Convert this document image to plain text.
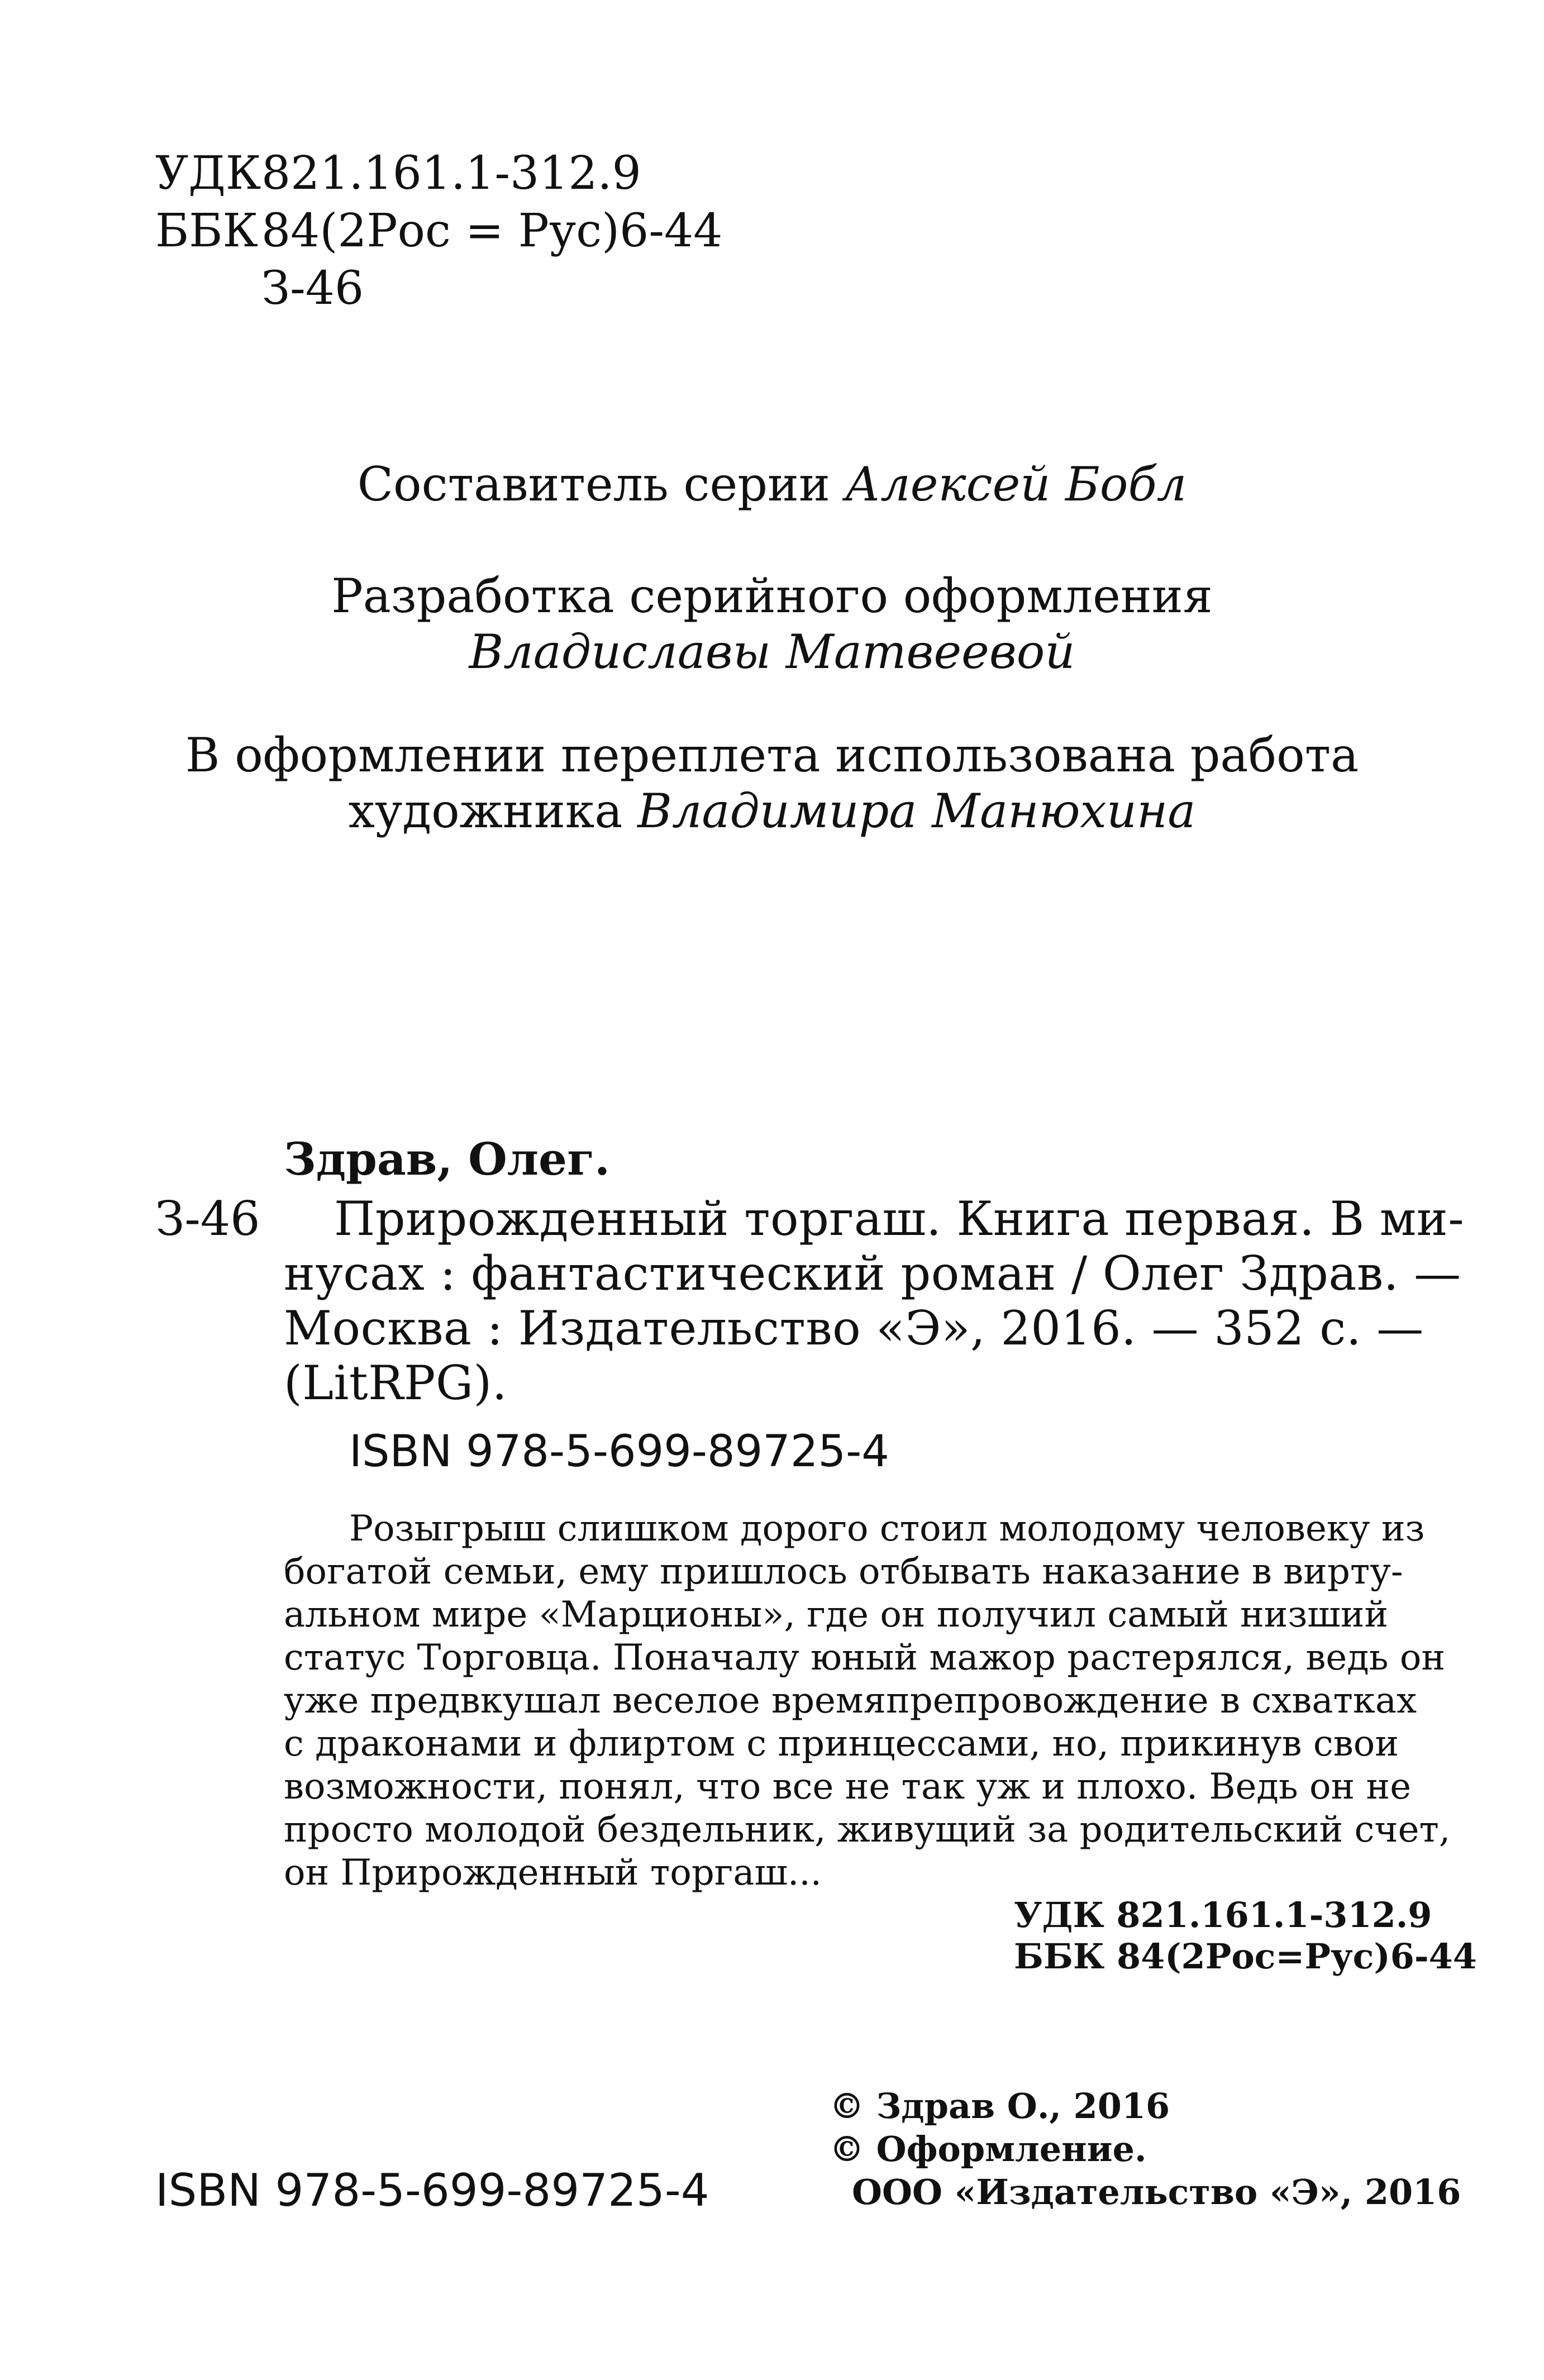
УДК821.161.1-312.9

ББК84(2Рос = Рус)6-44

З-46

Составитель серии Алексей Бобл

Разработка серийного оформления

Владиславы Матвеевой

В оформлении переплета использована работа

художника Владимира Манюхина

Здрав, Олег.

З-46 Прирожденный торгаш. Книга первая. В ми-

нусах : фантастический роман / Олег Здрав. —

Москва : Издательство «Э», 2016. — 352 с. —

(LitRPG).

ISBN 978-5-699-89725-4

Розыгрыш слишком дорого стоил молодому человеку из

богатой семьи, ему пришлось отбывать наказание в вирту-

альном мире «Марционы», где он получил самый низший

статус Торговца. Поначалу юный мажор растерялся, ведь он

уже предвкушал веселое времяпрепровождение в схватках

с драконами и флиртом с принцессами, но, прикинув свои

возможности, понял, что все не так уж и плохо. Ведь он не

просто молодой бездельник, живущий за родительский счет,

он Прирожденный торгаш...

УДК 821.161.1-312.9

ББК 84(2Рос=Рус)6-44

© Здрав О., 2016

© Оформление.

ООО «Издательство «Э», 2016

ISBN 978-5-699-89725-4
